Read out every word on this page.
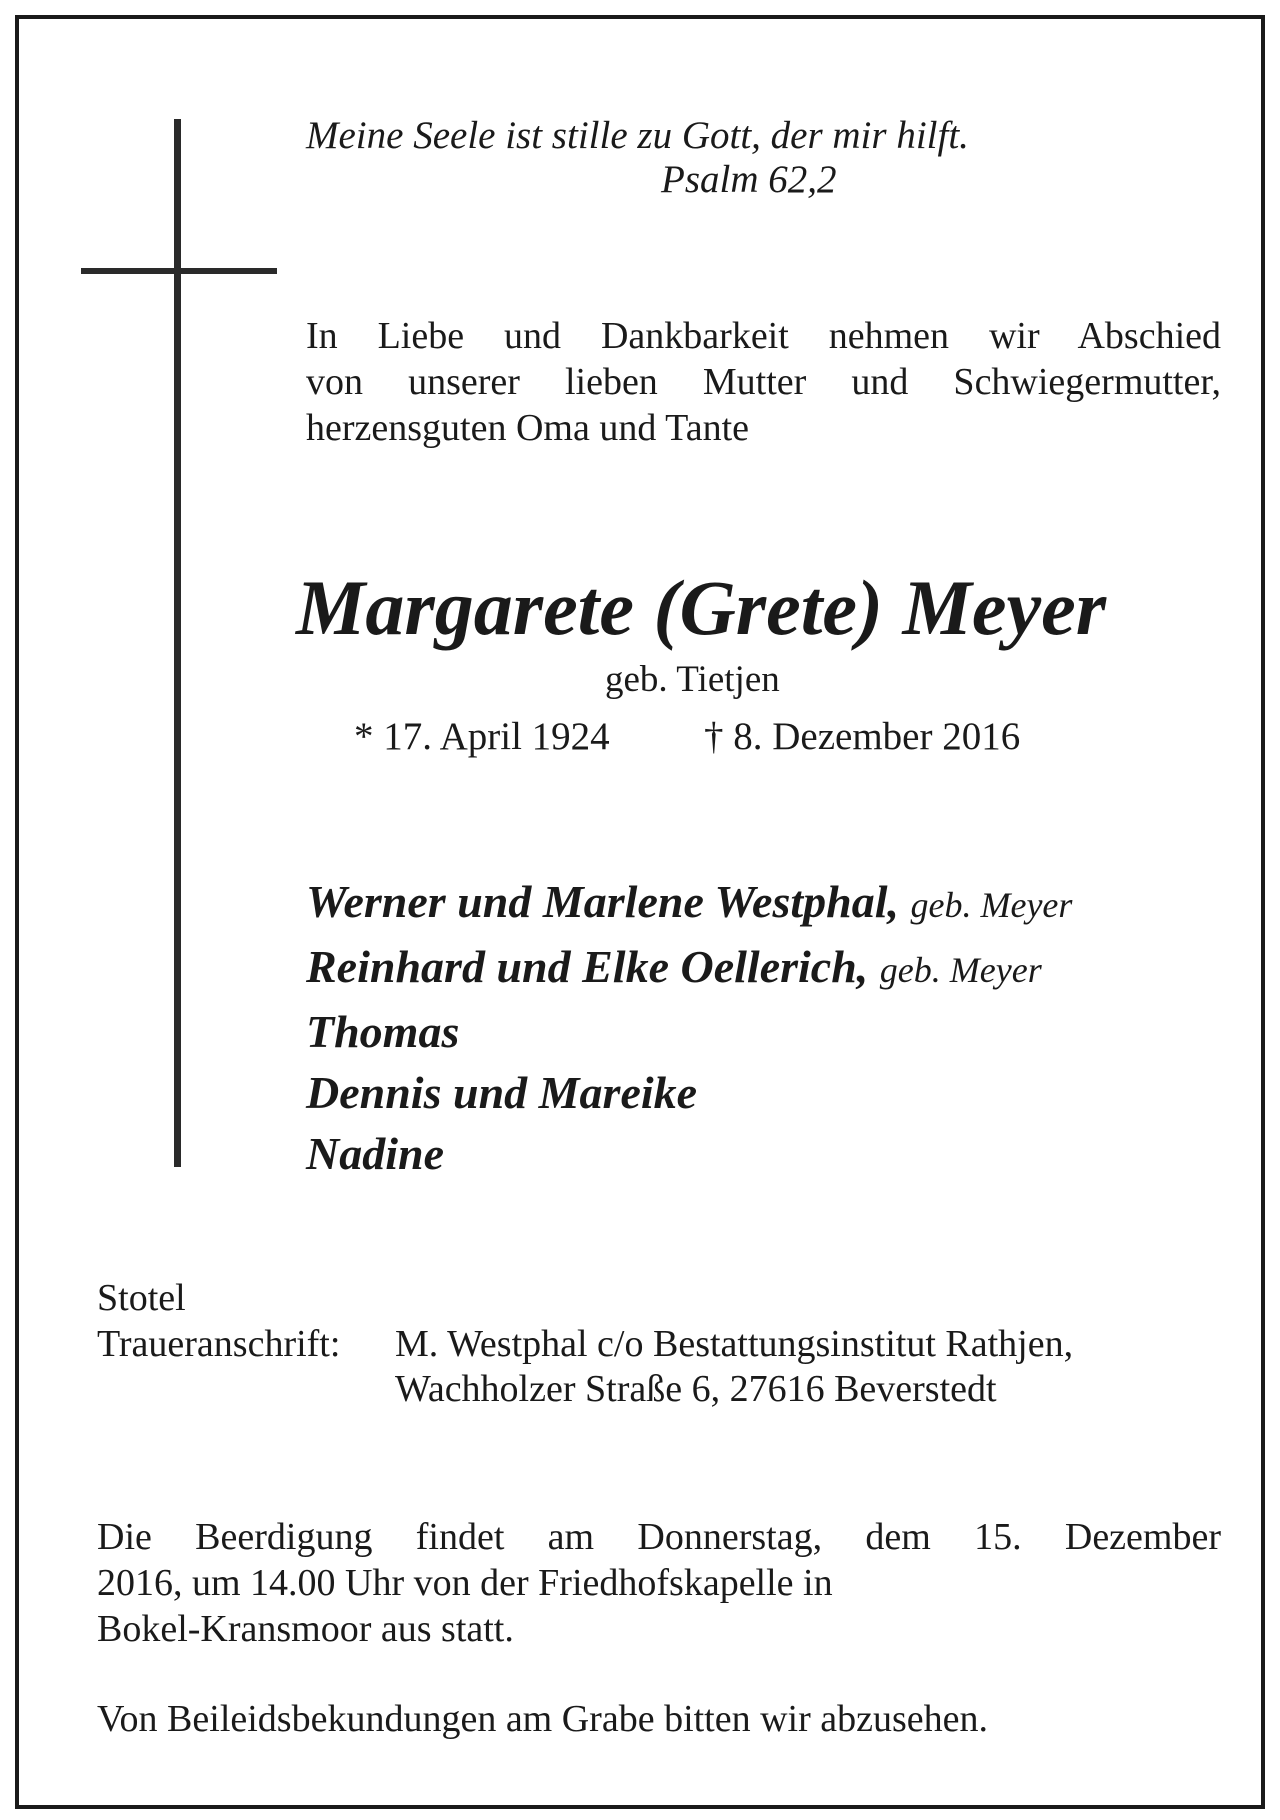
Meine Seele ist stille zu Gott, der mir hilft.

Psalm 62,2

In Liebe und Dankbarkeit nehmen wir Abschied
von unserer lieben Mutter und Schwiegermutter,
herzensguten Oma und Tante
Margarete (Grete) Meyer

geb. Tietjen

* 17. April 1924 † 8. Dezember 2016

Werner und Marlene Westphal, geb. Meyer
Reinhard und Elke Oellerich, geb. Meyer
Thomas
Dennis und Mareike
Nadine

Stotel

Traueranschrift: M. Westphal c/o Bestattungsinstitut Rathjen,

Wachholzer Straße 6, 27616 Beverstedt

Die Beerdigung findet am Donnerstag, dem 15. Dezember
2016, um 14.00 Uhr von der Friedhofskapelle in
Bokel-Kransmoor aus statt.

Von Beileidsbekundungen am Grabe bitten wir abzusehen.
